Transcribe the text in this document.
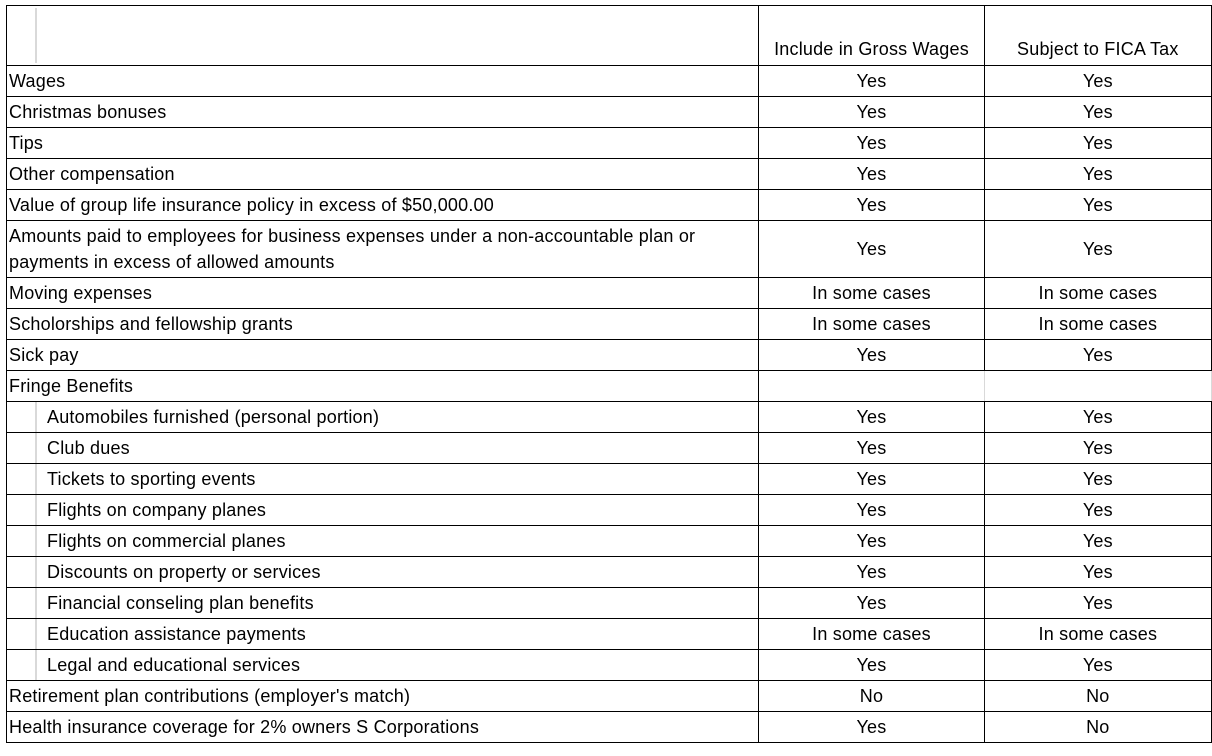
	Include in Gross Wages	Subject to FICA Tax
Wages	Yes	Yes
Christmas bonuses	Yes	Yes
Tips	Yes	Yes
Other compensation	Yes	Yes
Value of group life insurance policy in excess of $50,000.00	Yes	Yes
Amounts paid to employees for business expenses under a non-accountable plan or payments in excess of allowed amounts	Yes	Yes
Moving expenses	In some cases	In some cases
Scholorships and fellowship grants	In some cases	In some cases
Sick pay	Yes	Yes
Fringe Benefits		
Automobiles furnished (personal portion)	Yes	Yes
Club dues	Yes	Yes
Tickets to sporting events	Yes	Yes
Flights on company planes	Yes	Yes
Flights on commercial planes	Yes	Yes
Discounts on property or services	Yes	Yes
Financial conseling plan benefits	Yes	Yes
Education assistance payments	In some cases	In some cases
Legal and educational services	Yes	Yes
Retirement plan contributions (employer's match)	No	No
Health insurance coverage for 2% owners S Corporations	Yes	No
